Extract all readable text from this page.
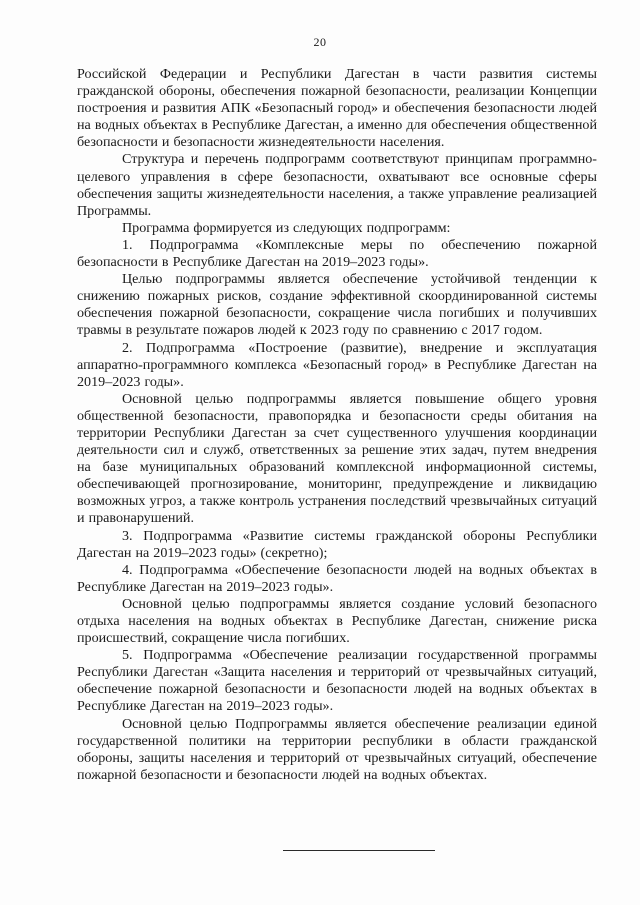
20

Российской Федерации и Республики Дагестан в части развития системы гражданской обороны, обеспечения пожарной безопасности, реализации Концепции построения и развития АПК «Безопасный город» и обеспечения безопасности людей на водных объектах в Республике Дагестан, а именно для обеспечения общественной безопасности и безопасности жизнедеятельности населения.

Структура и перечень подпрограмм соответствуют принципам программно-целевого управления в сфере безопасности, охватывают все основные сферы обеспечения защиты жизнедеятельности населения, а также управление реализацией Программы.

Программа формируется из следующих подпрограмм:

1. Подпрограмма «Комплексные меры по обеспечению пожарной безопасности в Республике Дагестан на 2019–2023 годы».

Целью подпрограммы является обеспечение устойчивой тенденции к снижению пожарных рисков, создание эффективной скоординированной системы обеспечения пожарной безопасности, сокращение числа погибших и получивших травмы в результате пожаров людей к 2023 году по сравнению с 2017 годом.

2. Подпрограмма «Построение (развитие), внедрение и эксплуатация аппаратно-программного комплекса «Безопасный город» в Республике Дагестан на 2019–2023 годы».

Основной целью подпрограммы является повышение общего уровня общественной безопасности, правопорядка и безопасности среды обитания на территории Республики Дагестан за счет существенного улучшения координации деятельности сил и служб, ответственных за решение этих задач, путем внедрения на базе муниципальных образований комплексной информационной системы, обеспечивающей прогнозирование, мониторинг, предупреждение и ликвидацию возможных угроз, а также контроль устранения последствий чрезвычайных ситуаций и правонарушений.

3. Подпрограмма «Развитие системы гражданской обороны Республики Дагестан на 2019–2023 годы» (секретно);

4. Подпрограмма «Обеспечение безопасности людей на водных объектах в Республике Дагестан на 2019–2023 годы».

Основной целью подпрограммы является создание условий безопасного отдыха населения на водных объектах в Республике Дагестан, снижение риска происшествий, сокращение числа погибших.

5. Подпрограмма «Обеспечение реализации государственной программы Республики Дагестан «Защита населения и территорий от чрезвычайных ситуаций, обеспечение пожарной безопасности и безопасности людей на водных объектах в Республике Дагестан на 2019–2023 годы».

Основной целью Подпрограммы является обеспечение реализации единой государственной политики на территории республики в области гражданской обороны, защиты населения и территорий от чрезвычайных ситуаций, обеспечение пожарной безопасности и безопасности людей на водных объектах.
